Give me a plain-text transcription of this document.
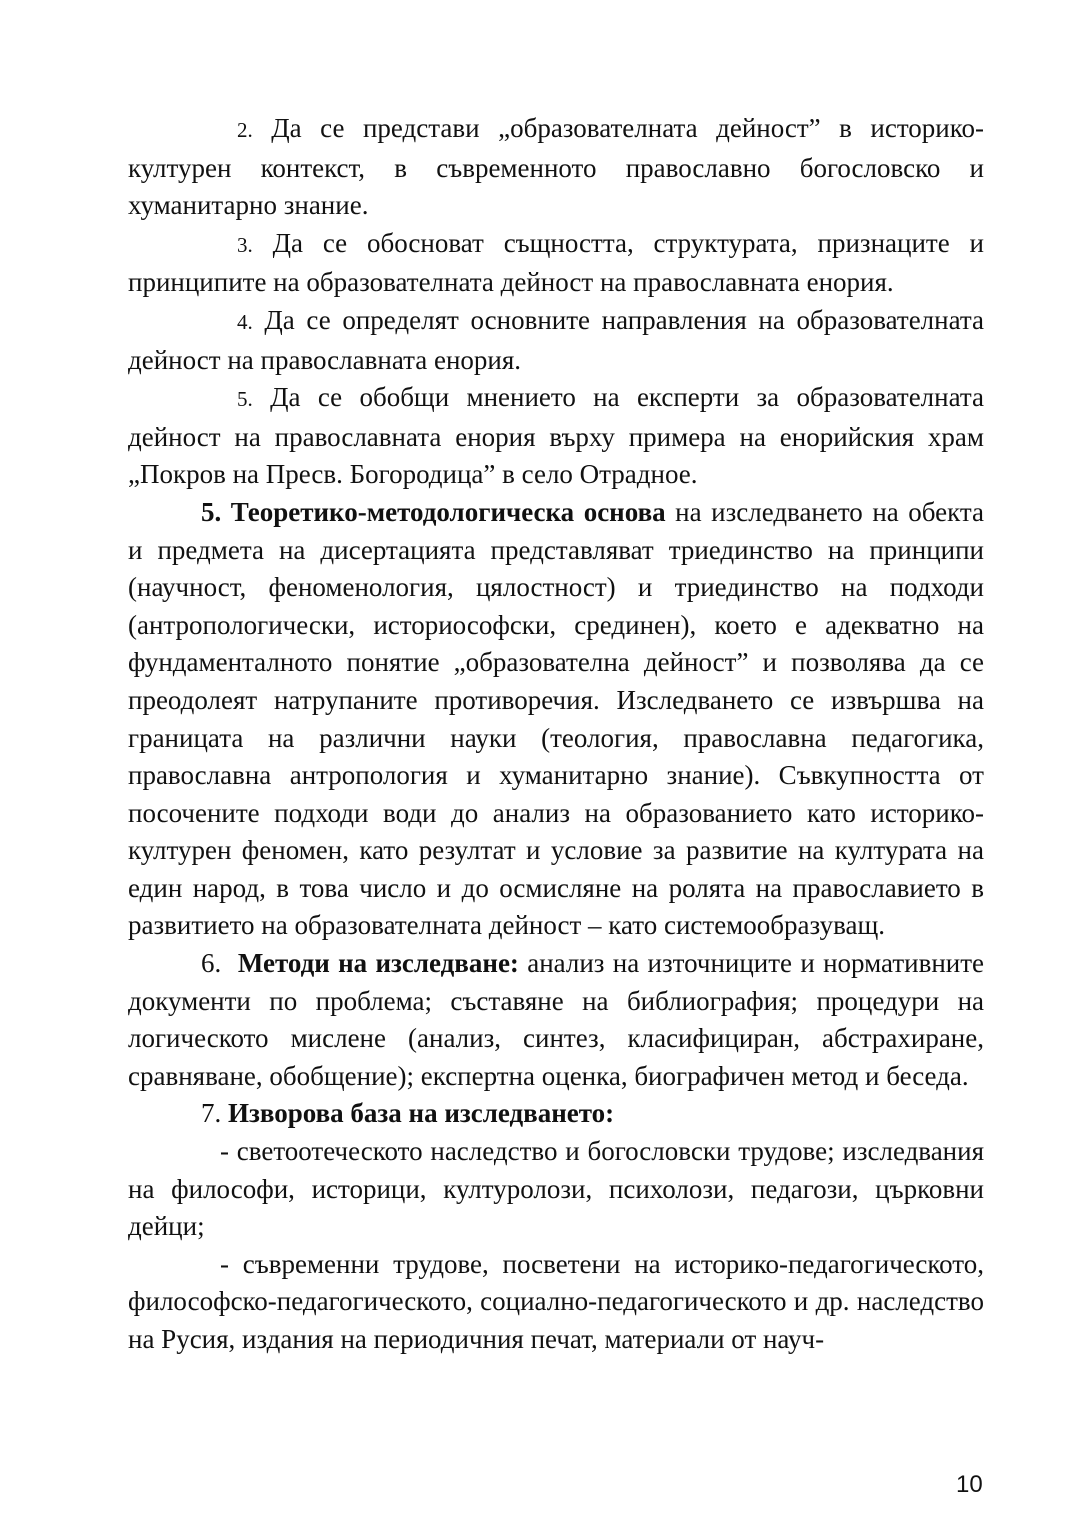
2. Да се представи „образователната дейност” в историко-културен контекст, в съвременното православно богословско и хуманитарно знание.

3. Да се обосноват същността, структурата, признаците и принципите на образователната дейност на православната енория.

4. Да се определят основните направления на образователната дейност на православната енория.

5. Да се обобщи мнението на експерти за образователната дейност на православната енория върху примера на енорийския храм „Покров на Пресв. Богородица” в село Отрадное.

5. Теоретико-методологическа основа на изследването на обекта и предмета на дисертацията представляват триединство на принципи (научност, феноменология, цялостност) и триединство на подходи (антропологически, историософски, срединен), което е адекватно на фундаменталното понятие „образователна дейност” и позволява да се преодолеят натрупаните противоречия. Изследването се извършва на границата на различни науки (теология, православна педагогика, православна антропология и хуманитарно знание). Съвкупността от посочените подходи води до анализ на образованието като историко-културен феномен, като резултат и условие за развитие на културата на един народ, в това число и до осмисляне на ролята на православието в развитието на образователната дейност – като системообразуващ.

6. Методи на изследване: анализ на източниците и нормативните документи по проблема; съставяне на библиография; процедури на логическото мислене (анализ, синтез, класифициран, абстрахиране, сравняване, обобщение); експертна оценка, биографичен метод и беседа.

7. Изворова база на изследването:

- светоотеческото наследство и богословски трудове; изследвания на философи, историци, културолози, психолози, педагози, църковни дейци;

- съвременни трудове, посветени на историко-педагогическото, философско-педагогическото, социално-педагогическото и др. наследство на Русия, издания на периодичния печат, материали от науч-

10
